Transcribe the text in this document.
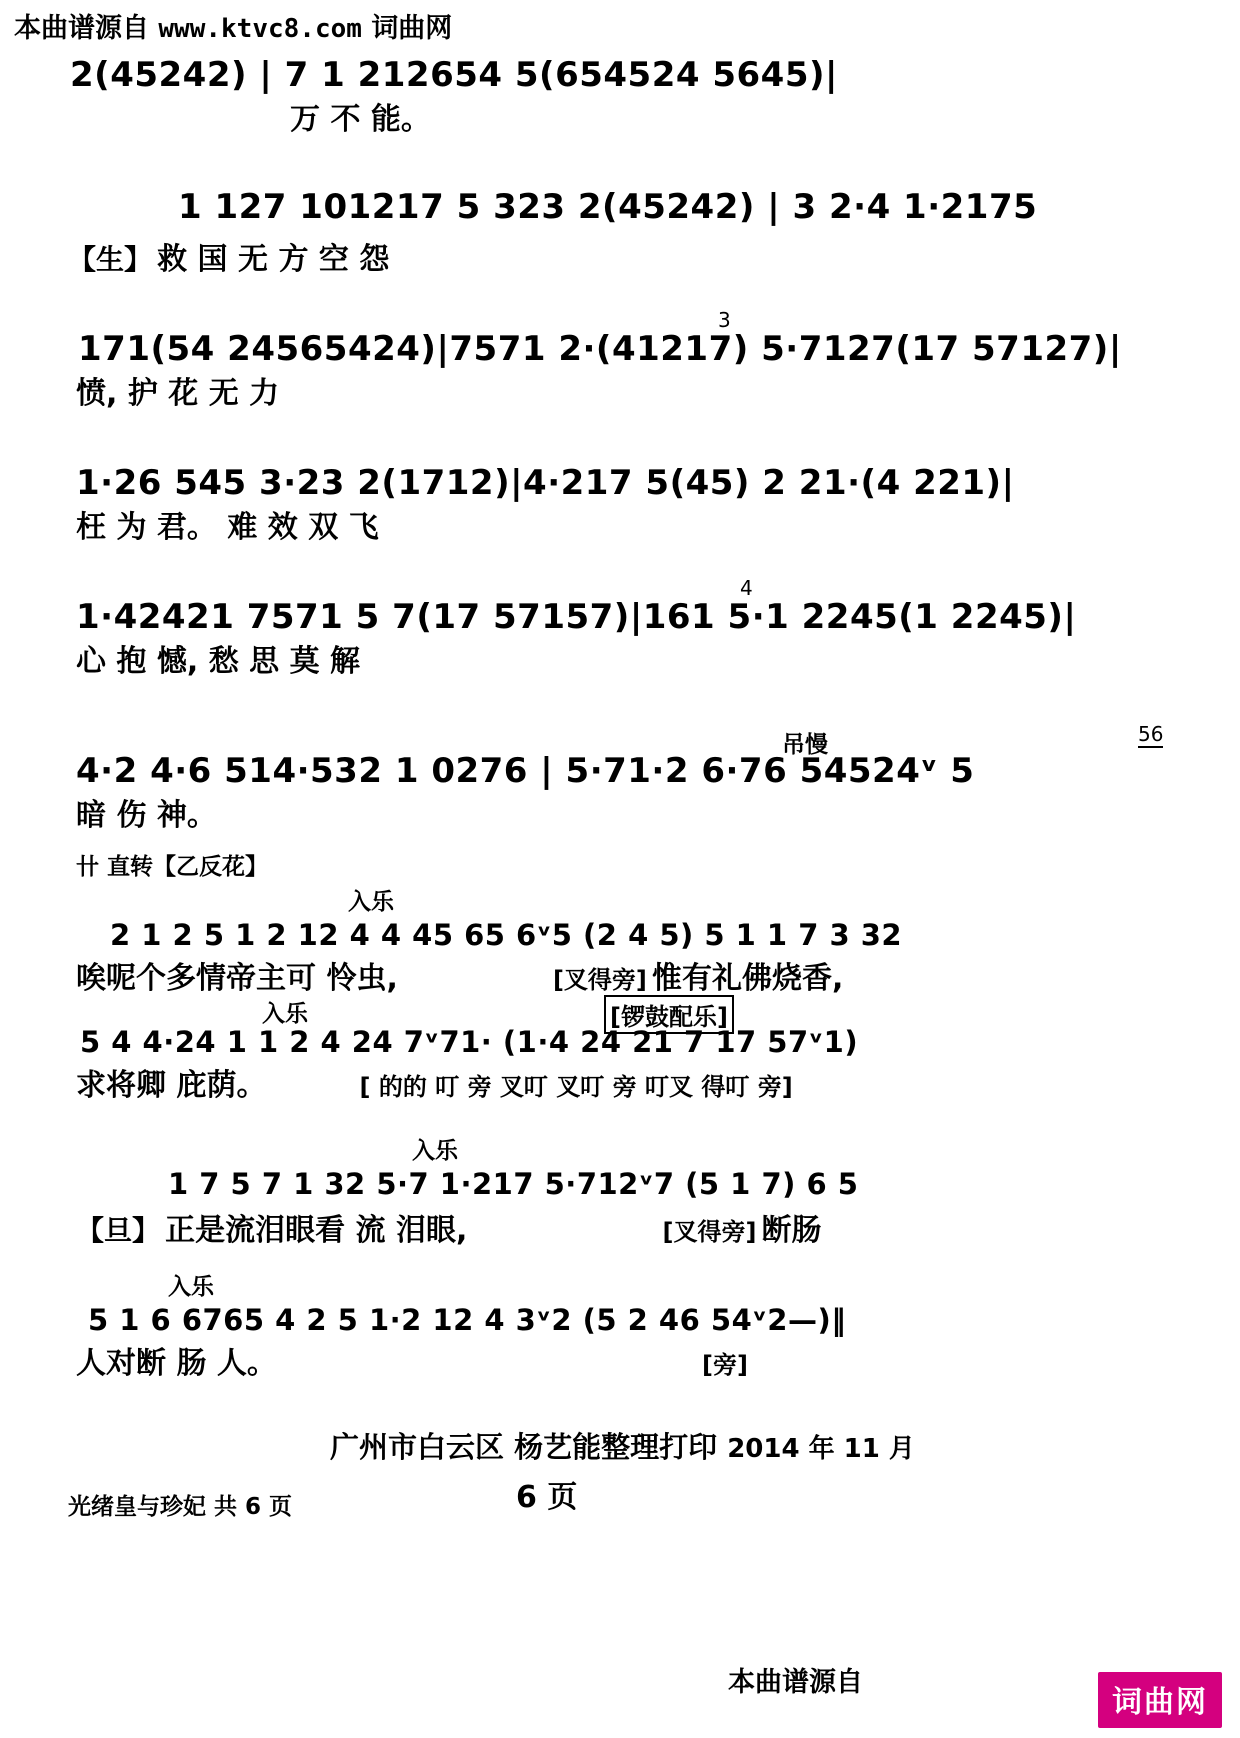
本曲谱源自 www.ktvc8.com 词曲网
2(45242) | 7 1 212654 5(654524 5645)|
万 不 能。
1 127 101217 5 323 2(45242) | 3 2·4 1·2175
【生】 救 国 无 方 空 怨
3
171(54 24565424)|7571 2·(41217) 5·7127(17 57127)|
愤, 护 花 无 力
1·26 545 3·23 2(1712)|4·217 5(45) 2 21·(4 221)|
枉 为 君。 难 效 双 飞
4
1·42421 7571 5 7(17 57157)|161 5·1 2245(1 2245)|
心 抱 憾, 愁 思 莫 解
吊慢	56
4·2 4·6 514·532 1 0276 | 5·71·2 6·76 54524ᵛ 5
暗 伤 神。
卄 直转【乙反花】
入乐
2 1 2 5 1 2 12 4 4 45 65 6ᵛ5 (2 4 5) 5 1 1 7 3 32
唉呢个多情帝主可 怜虫,	[叉得旁] 惟有礼佛烧香,
入乐	[锣鼓配乐]
5 4 4·24 1 1 2 4 24 7ᵛ71· (1·4 24 21 7 17 57ᵛ1)
求将卿 庇荫。	[ 的的 叮 旁 叉叮 叉叮 旁 叮叉 得叮 旁]
入乐
1 7 5 7 1 32 5·7 1·217 5·712ᵛ7 (5 1 7) 6 5
【旦】 正是流泪眼看 流 泪眼,	[叉得旁] 断肠
入乐
5 1 6 6765 4 2 5 1·2 12 4 3ᵛ2 (5 2 46 54ᵛ2—)‖
人对断 肠 人。	[旁]
广州市白云区 杨艺能整理打印 2014 年 11 月
6 页
光绪皇与珍妃 共 6 页
本曲谱源自
词曲网
